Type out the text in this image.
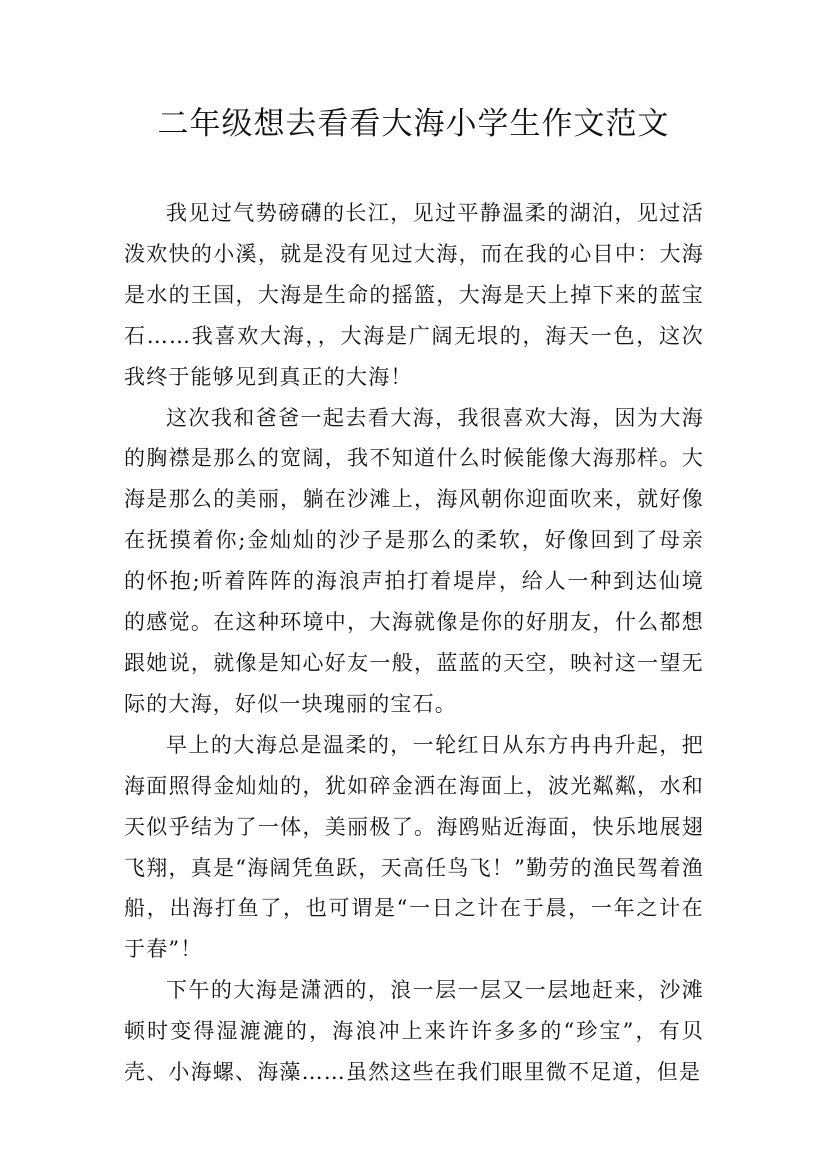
二年级想去看看大海小学生作文范文

我见过气势磅礴的长江，见过平静温柔的湖泊，见过活泼欢快的小溪，就是没有见过大海，而在我的心目中：大海是水的王国，大海是生命的摇篮，大海是天上掉下来的蓝宝石……我喜欢大海，，大海是广阔无垠的，海天一色，这次我终于能够见到真正的大海！

这次我和爸爸一起去看大海，我很喜欢大海，因为大海的胸襟是那么的宽阔，我不知道什么时候能像大海那样。大海是那么的美丽，躺在沙滩上，海风朝你迎面吹来，就好像在抚摸着你;金灿灿的沙子是那么的柔软，好像回到了母亲的怀抱;听着阵阵的海浪声拍打着堤岸，给人一种到达仙境的感觉。在这种环境中，大海就像是你的好朋友，什么都想跟她说，就像是知心好友一般，蓝蓝的天空，映衬这一望无际的大海，好似一块瑰丽的宝石。

早上的大海总是温柔的，一轮红日从东方冉冉升起，把海面照得金灿灿的，犹如碎金洒在海面上，波光粼粼，水和天似乎结为了一体，美丽极了。海鸥贴近海面，快乐地展翅飞翔，真是“海阔凭鱼跃，天高任鸟飞！”勤劳的渔民驾着渔船，出海打鱼了，也可谓是“一日之计在于晨，一年之计在于春”！

下午的大海是潇洒的，浪一层一层又一层地赶来，沙滩顿时变得湿漉漉的，海浪冲上来许许多多的“珍宝”，有贝壳、小海螺、海藻……虽然这些在我们眼里微不足道，但是
